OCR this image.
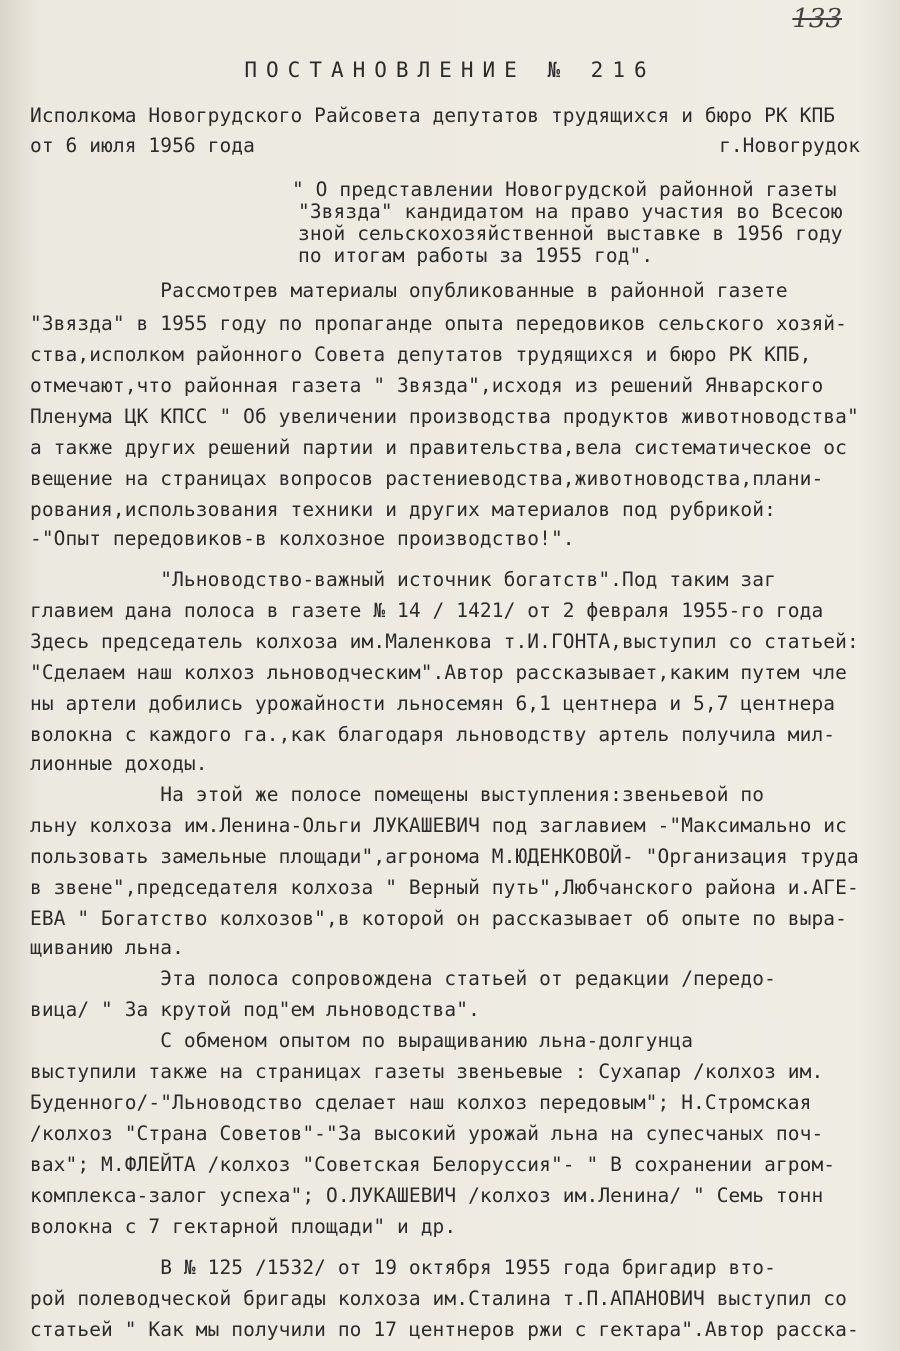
133
ПОСТАНОВЛЕНИЕ № 216
Исполкома Новогрудского Райсовета депутатов трудящихся и бюро РК КПБ
от 6 июля 1956 года	г.Новогрудок
" О представлении Новогрудской районной газеты
"Звязда" кандидатом на право участия во Всесою
зной сельскохозяйственной выставке в 1956 году
по итогам работы за 1955 год".
Рассмотрев материалы опубликованные в районной газете
"Звязда" в 1955 году по пропаганде опыта передовиков сельского хозяй-
ства,исполком районного Совета депутатов трудящихся и бюро РК КПБ,
отмечают,что районная газета " Звязда",исходя из решений Январского
Пленума ЦК КПСС " Об увеличении производства продуктов животноводства"
а также других решений партии и правительства,вела систематическое ос
вещение на страницах вопросов растениеводства,животноводства,плани-
рования,использования техники и других материалов под рубрикой:
-"Опыт передовиков-в колхозное производство!".
"Льноводство-важный источник богатств".Под таким заг
главием дана полоса в газете № 14 / 1421/ от 2 февраля 1955-го года
Здесь председатель колхоза им.Маленкова т.И.ГОНТА,выступил со статьей:
"Сделаем наш колхоз льноводческим".Автор рассказывает,каким путем чле
ны артели добились урожайности льносемян 6,1 центнера и 5,7 центнера
волокна с каждого га.,как благодаря льноводству артель получила мил-
лионные доходы.
На этой же полосе помещены выступления:звеньевой по
льну колхоза им.Ленина-Ольги ЛУКАШЕВИЧ под заглавием -"Максимально ис
пользовать замельные площади",агронома М.ЮДЕНКОВОЙ- "Организация труда
в звене",председателя колхоза " Верный путь",Любчанского района и.АГЕ-
ЕВА " Богатство колхозов",в которой он рассказывает об опыте по выра-
щиванию льна.
Эта полоса сопровождена статьей от редакции /передо-
вица/ " За крутой под"ем льноводства".
С обменом опытом по выращиванию льна-долгунца
выступили также на страницах газеты звеньевые : Сухапар /колхоз им.
Буденного/-"Льноводство сделает наш колхоз передовым"; Н.Стромская
/колхоз "Страна Советов"-"За высокий урожай льна на супесчаных поч-
вах"; М.ФЛЕЙТА /колхоз "Советская Белоруссия"- " В сохранении агром-
комплекса-залог успеха"; О.ЛУКАШЕВИЧ /колхоз им.Ленина/ " Семь тонн
волокна с 7 гектарной площади" и др.
В № 125 /1532/ от 19 октября 1955 года бригадир вто-
рой полеводческой бригады колхоза им.Сталина т.П.АПАНОВИЧ выступил со
статьей " Как мы получили по 17 центнеров ржи с гектара".Автор расска-
